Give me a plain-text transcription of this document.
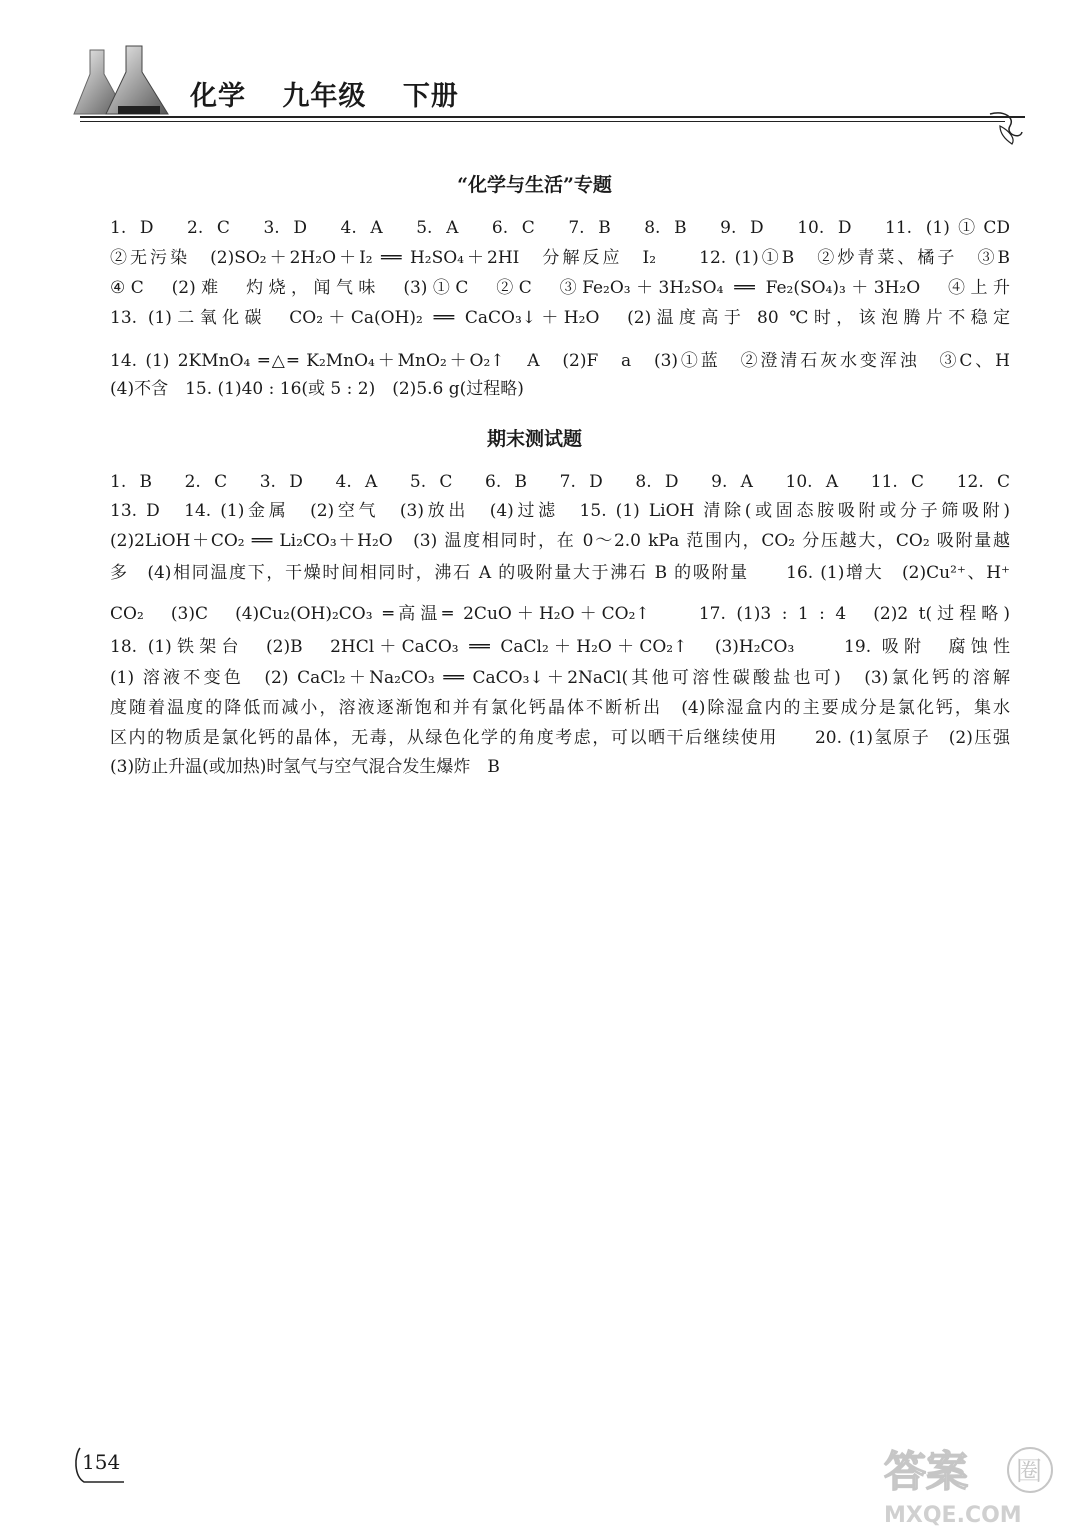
化学 九年级 下册
“化学与生活”专题
1. D　2. C　3. D　4. A　5. A　6. C　7. B　8. B　9. D　10. D　11. (1)①CD
②无污染　(2)SO₂＋2H₂O＋I₂ ══ H₂SO₄＋2HI　分解反应　I₂　　12. (1)①B　②炒青菜、橘子　③B
④C　(2)难　灼烧，闻气味　(3)①C　②C　③Fe₂O₃＋3H₂SO₄ ══ Fe₂(SO₄)₃＋3H₂O　④上升
13. (1)二氧化碳　CO₂＋Ca(OH)₂ ══ CaCO₃↓＋H₂O　(2)温度高于 80 ℃时，该泡腾片不稳定
14. (1) 2KMnO₄ ═△═ K₂MnO₄＋MnO₂＋O₂↑　A　(2)F　a　(3)①蓝　②澄清石灰水变浑浊　③C、H
(4)不含　15. (1)40 : 16(或 5 : 2)　(2)5.6 g(过程略)
期末测试题
1. B　2. C　3. D　4. A　5. C　6. B　7. D　8. D　9. A　10. A　11. C　12. C
13. D　14. (1)金属　(2)空气　(3)放出　(4)过滤　15. (1) LiOH 清除(或固态胺吸附或分子筛吸附)
(2)2LiOH＋CO₂ ══ Li₂CO₃＋H₂O　(3) 温度相同时，在 0～2.0 kPa 范围内，CO₂ 分压越大，CO₂ 吸附量越
多　(4)相同温度下，干燥时间相同时，沸石 A 的吸附量大于沸石 B 的吸附量　　16. (1)增大　(2)Cu²⁺、H⁺
CO₂　(3)C　(4)Cu₂(OH)₂CO₃ ═高温═ 2CuO＋H₂O＋CO₂↑　　17. (1)3 : 1 : 4　(2)2 t(过程略)
18. (1)铁架台　(2)B　2HCl＋CaCO₃ ══ CaCl₂＋H₂O＋CO₂↑　(3)H₂CO₃　　19. 吸附　腐蚀性
(1) 溶液不变色　(2) CaCl₂＋Na₂CO₃ ══ CaCO₃↓＋2NaCl(其他可溶性碳酸盐也可)　(3)氯化钙的溶解
度随着温度的降低而减小，溶液逐渐饱和并有氯化钙晶体不断析出　(4)除湿盒内的主要成分是氯化钙，集水
区内的物质是氯化钙的晶体，无毒，从绿色化学的角度考虑，可以晒干后继续使用　　20. (1)氢原子　(2)压强
(3)防止升温(或加热)时氢气与空气混合发生爆炸　B
154	答案 圈
MXQE.COM
